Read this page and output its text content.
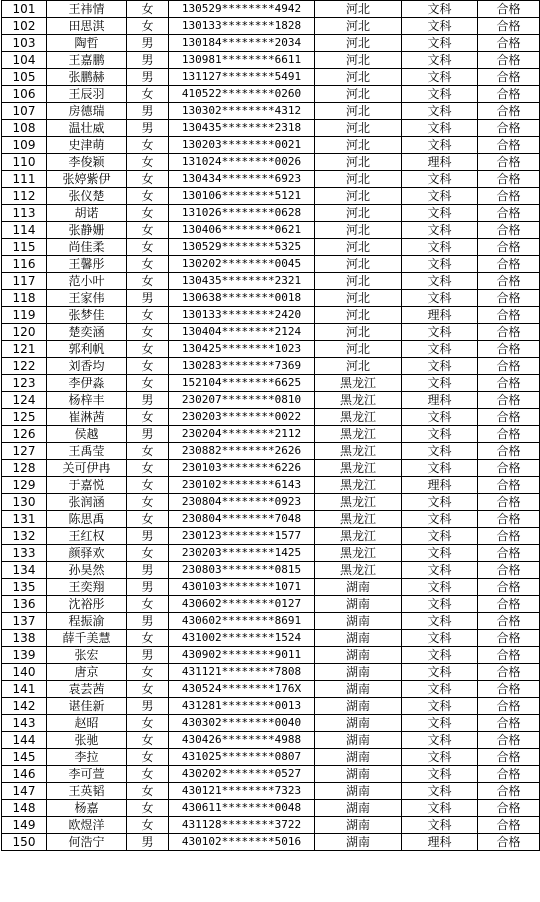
101	王祎情	女	130529********4942	河北	文科	合格
102	田思淇	女	130133********1828	河北	文科	合格
103	陶哲	男	130184********2034	河北	文科	合格
104	王嘉鹏	男	130981********6611	河北	文科	合格
105	张鹏赫	男	131127********5491	河北	文科	合格
106	王辰羽	女	410522********0260	河北	文科	合格
107	房德瑞	男	130302********4312	河北	文科	合格
108	温壮威	男	130435********2318	河北	文科	合格
109	史津萌	女	130203********0021	河北	文科	合格
110	李俊颖	女	131024********0026	河北	理科	合格
111	张婷紫伊	女	130434********6923	河北	文科	合格
112	张仪楚	女	130106********5121	河北	文科	合格
113	胡诺	女	131026********0628	河北	文科	合格
114	张静姗	女	130406********0621	河北	文科	合格
115	尚佳柔	女	130529********5325	河北	文科	合格
116	王馨彤	女	130202********0045	河北	文科	合格
117	范小叶	女	130435********2321	河北	文科	合格
118	王家伟	男	130638********0018	河北	文科	合格
119	张梦佳	女	130133********2420	河北	理科	合格
120	楚奕涵	女	130404********2124	河北	文科	合格
121	郭利帆	女	130425********1023	河北	文科	合格
122	刘香均	女	130283********7369	河北	文科	合格
123	李伊淼	女	152104********6625	黑龙江	文科	合格
124	杨梓丰	男	230207********0810	黑龙江	理科	合格
125	崔淋茜	女	230203********0022	黑龙江	文科	合格
126	侯越	男	230204********2112	黑龙江	文科	合格
127	王禹莹	女	230882********2626	黑龙江	文科	合格
128	关可伊冉	女	230103********6226	黑龙江	文科	合格
129	于嘉悦	女	230102********6143	黑龙江	理科	合格
130	张润涵	女	230804********0923	黑龙江	文科	合格
131	陈思禹	女	230804********7048	黑龙江	文科	合格
132	王红权	男	230123********1577	黑龙江	文科	合格
133	颜驿欢	女	230203********1425	黑龙江	文科	合格
134	孙昊然	男	230803********0815	黑龙江	文科	合格
135	王奕翔	男	430103********1071	湖南	文科	合格
136	沈裕彤	女	430602********0127	湖南	文科	合格
137	程振渝	男	430602********8691	湖南	文科	合格
138	薛千美慧	女	431002********1524	湖南	文科	合格
139	张宏	男	430902********9011	湖南	文科	合格
140	唐京	女	431121********7808	湖南	文科	合格
141	袁芸茜	女	430524********176X	湖南	文科	合格
142	谌佳新	男	431281********0013	湖南	文科	合格
143	赵昭	女	430302********0040	湖南	文科	合格
144	张驰	女	430426********4988	湖南	文科	合格
145	李拉	女	431025********0807	湖南	文科	合格
146	李可萱	女	430202********0527	湖南	文科	合格
147	王英韬	女	430121********7323	湖南	文科	合格
148	杨嘉	女	430611********0048	湖南	文科	合格
149	欧煜洋	女	431128********3722	湖南	文科	合格
150	何浩宁	男	430102********5016	湖南	理科	合格
